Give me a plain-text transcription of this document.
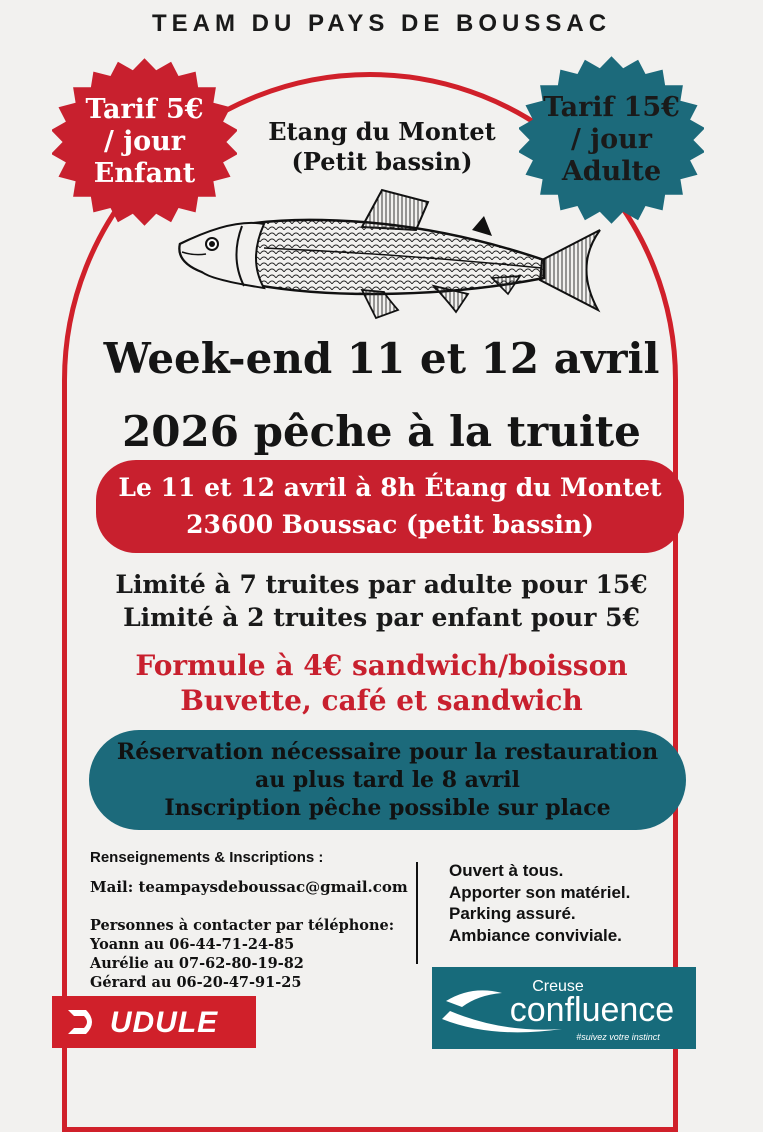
TEAM DU PAYS DE BOUSSAC
Tarif 5€
/ jour
Enfant
Tarif 15€
/ jour
Adulte
Etang du Montet
(Petit bassin)
Week-end 11 et 12 avril
2026 pêche à la truite
Le 11 et 12 avril à 8h Étang du Montet
23600 Boussac (petit bassin)
Limité à 7 truites par adulte pour 15€
Limité à 2 truites par enfant pour 5€
Formule à 4€ sandwich/boisson
Buvette, café et sandwich
Réservation nécessaire pour la restauration
au plus tard le 8 avril
Inscription pêche possible sur place
Renseignements & Inscriptions :
Mail: teampaysdeboussac@gmail.com
Personnes à contacter par téléphone:
Yoann au 06-44-71-24-85
Aurélie au 07-62-80-19-82
Gérard au 06-20-47-91-25
Ouvert à tous.
Apporter son matériel.
Parking assuré.
Ambiance conviviale.
UDULE
Creuse
confluence
#suivez votre instinct
